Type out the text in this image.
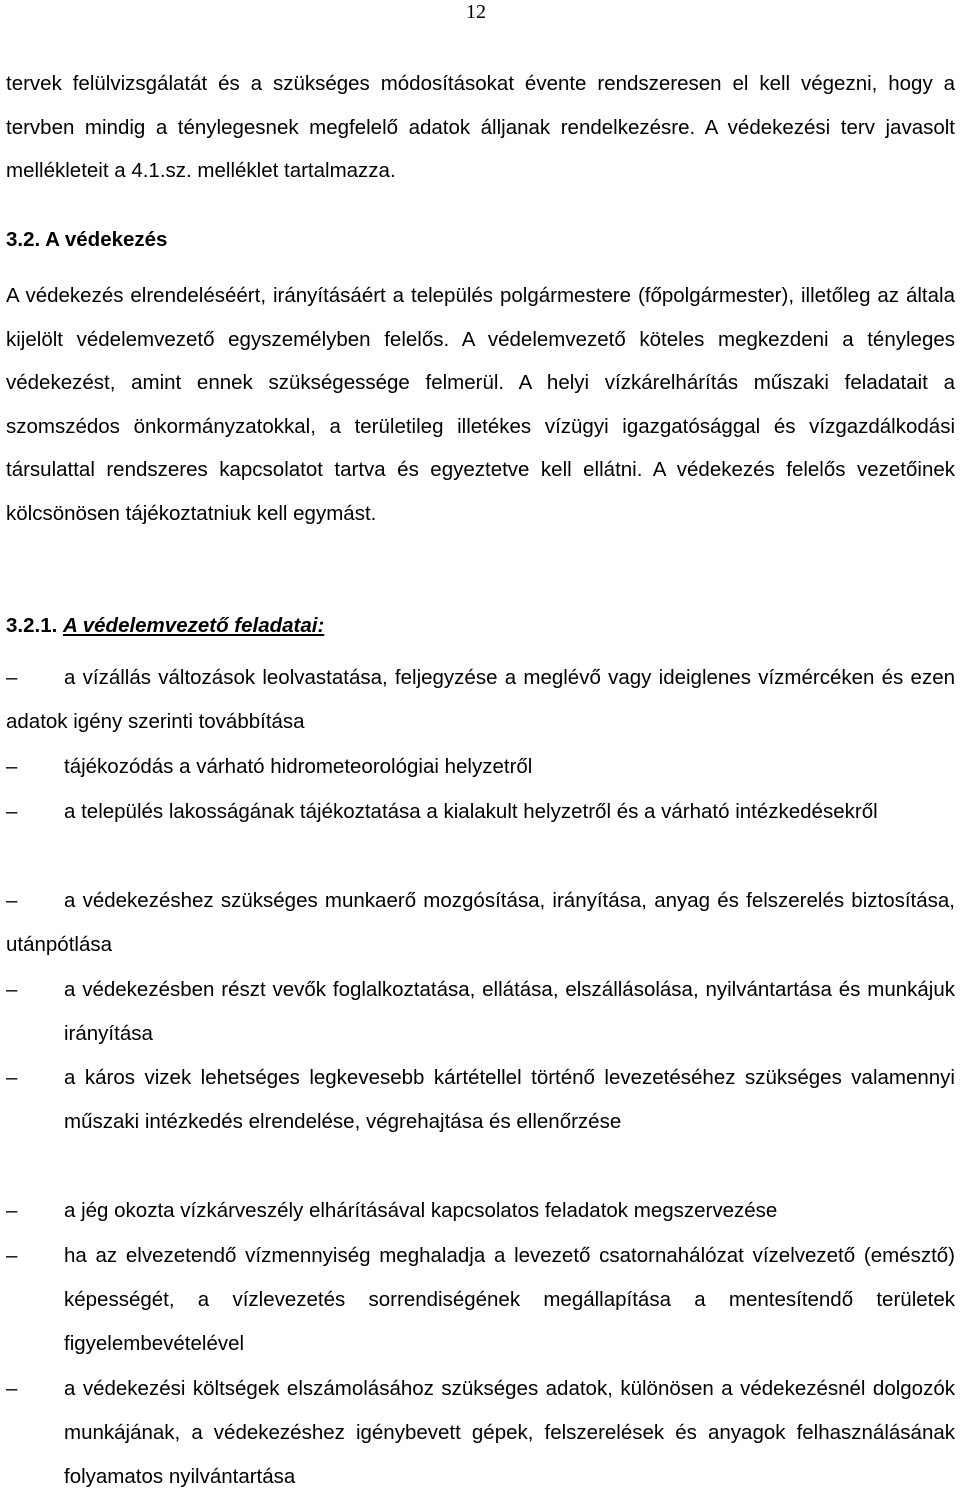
12

tervek felülvizsgálatát és a szükséges módosításokat évente rendszeresen el kell végezni, hogy a tervben mindig a ténylegesnek megfelelő adatok álljanak rendelkezésre. A védekezési terv javasolt mellékleteit a 4.1.sz. melléklet tartalmazza.

3.2. A védekezés

A védekezés elrendeléséért, irányításáért a település polgármestere (főpolgármester), illetőleg az általa kijelölt védelemvezető egyszemélyben felelős. A védelemvezető köteles megkezdeni a tényleges védekezést, amint ennek szükségessége felmerül. A helyi vízkárelhárítás műszaki feladatait a szomszédos önkormányzatokkal, a területileg illetékes vízügyi igazgatósággal és vízgazdálkodási társulattal rendszeres kapcsolatot tartva és egyeztetve kell ellátni. A védekezés felelős vezetőinek kölcsönösen tájékoztatniuk kell egymást.

3.2.1. A védelemvezető feladatai:
–	a vízállás változások leolvastatása, feljegyzése a meglévő vagy ideiglenes vízmércéken és ezen adatok igény szerinti továbbítása
–	tájékozódás a várható hidrometeorológiai helyzetről
–	a település lakosságának tájékoztatása a kialakult helyzetről és a várható intézkedésekről
–	a védekezéshez szükséges munkaerő mozgósítása, irányítása, anyag és felszerelés biztosítása, utánpótlása
–	a védekezésben részt vevők foglalkoztatása, ellátása, elszállásolása, nyilvántartása és munkájuk irányítása
–	a káros vizek lehetséges legkevesebb kártétellel történő levezetéséhez szükséges valamennyi műszaki intézkedés elrendelése, végrehajtása és ellenőrzése
–	a jég okozta vízkárveszély elhárításával kapcsolatos feladatok megszervezése
–	ha az elvezetendő vízmennyiség meghaladja a levezető csatornahálózat vízelvezető (emésztő) képességét, a vízlevezetés sorrendiségének megállapítása a mentesítendő területek figyelembevételével
–	a védekezési költségek elszámolásához szükséges adatok, különösen a védekezésnél dolgozók munkájának, a védekezéshez igénybevett gépek, felszerelések és anyagok felhasználásának folyamatos nyilvántartása
